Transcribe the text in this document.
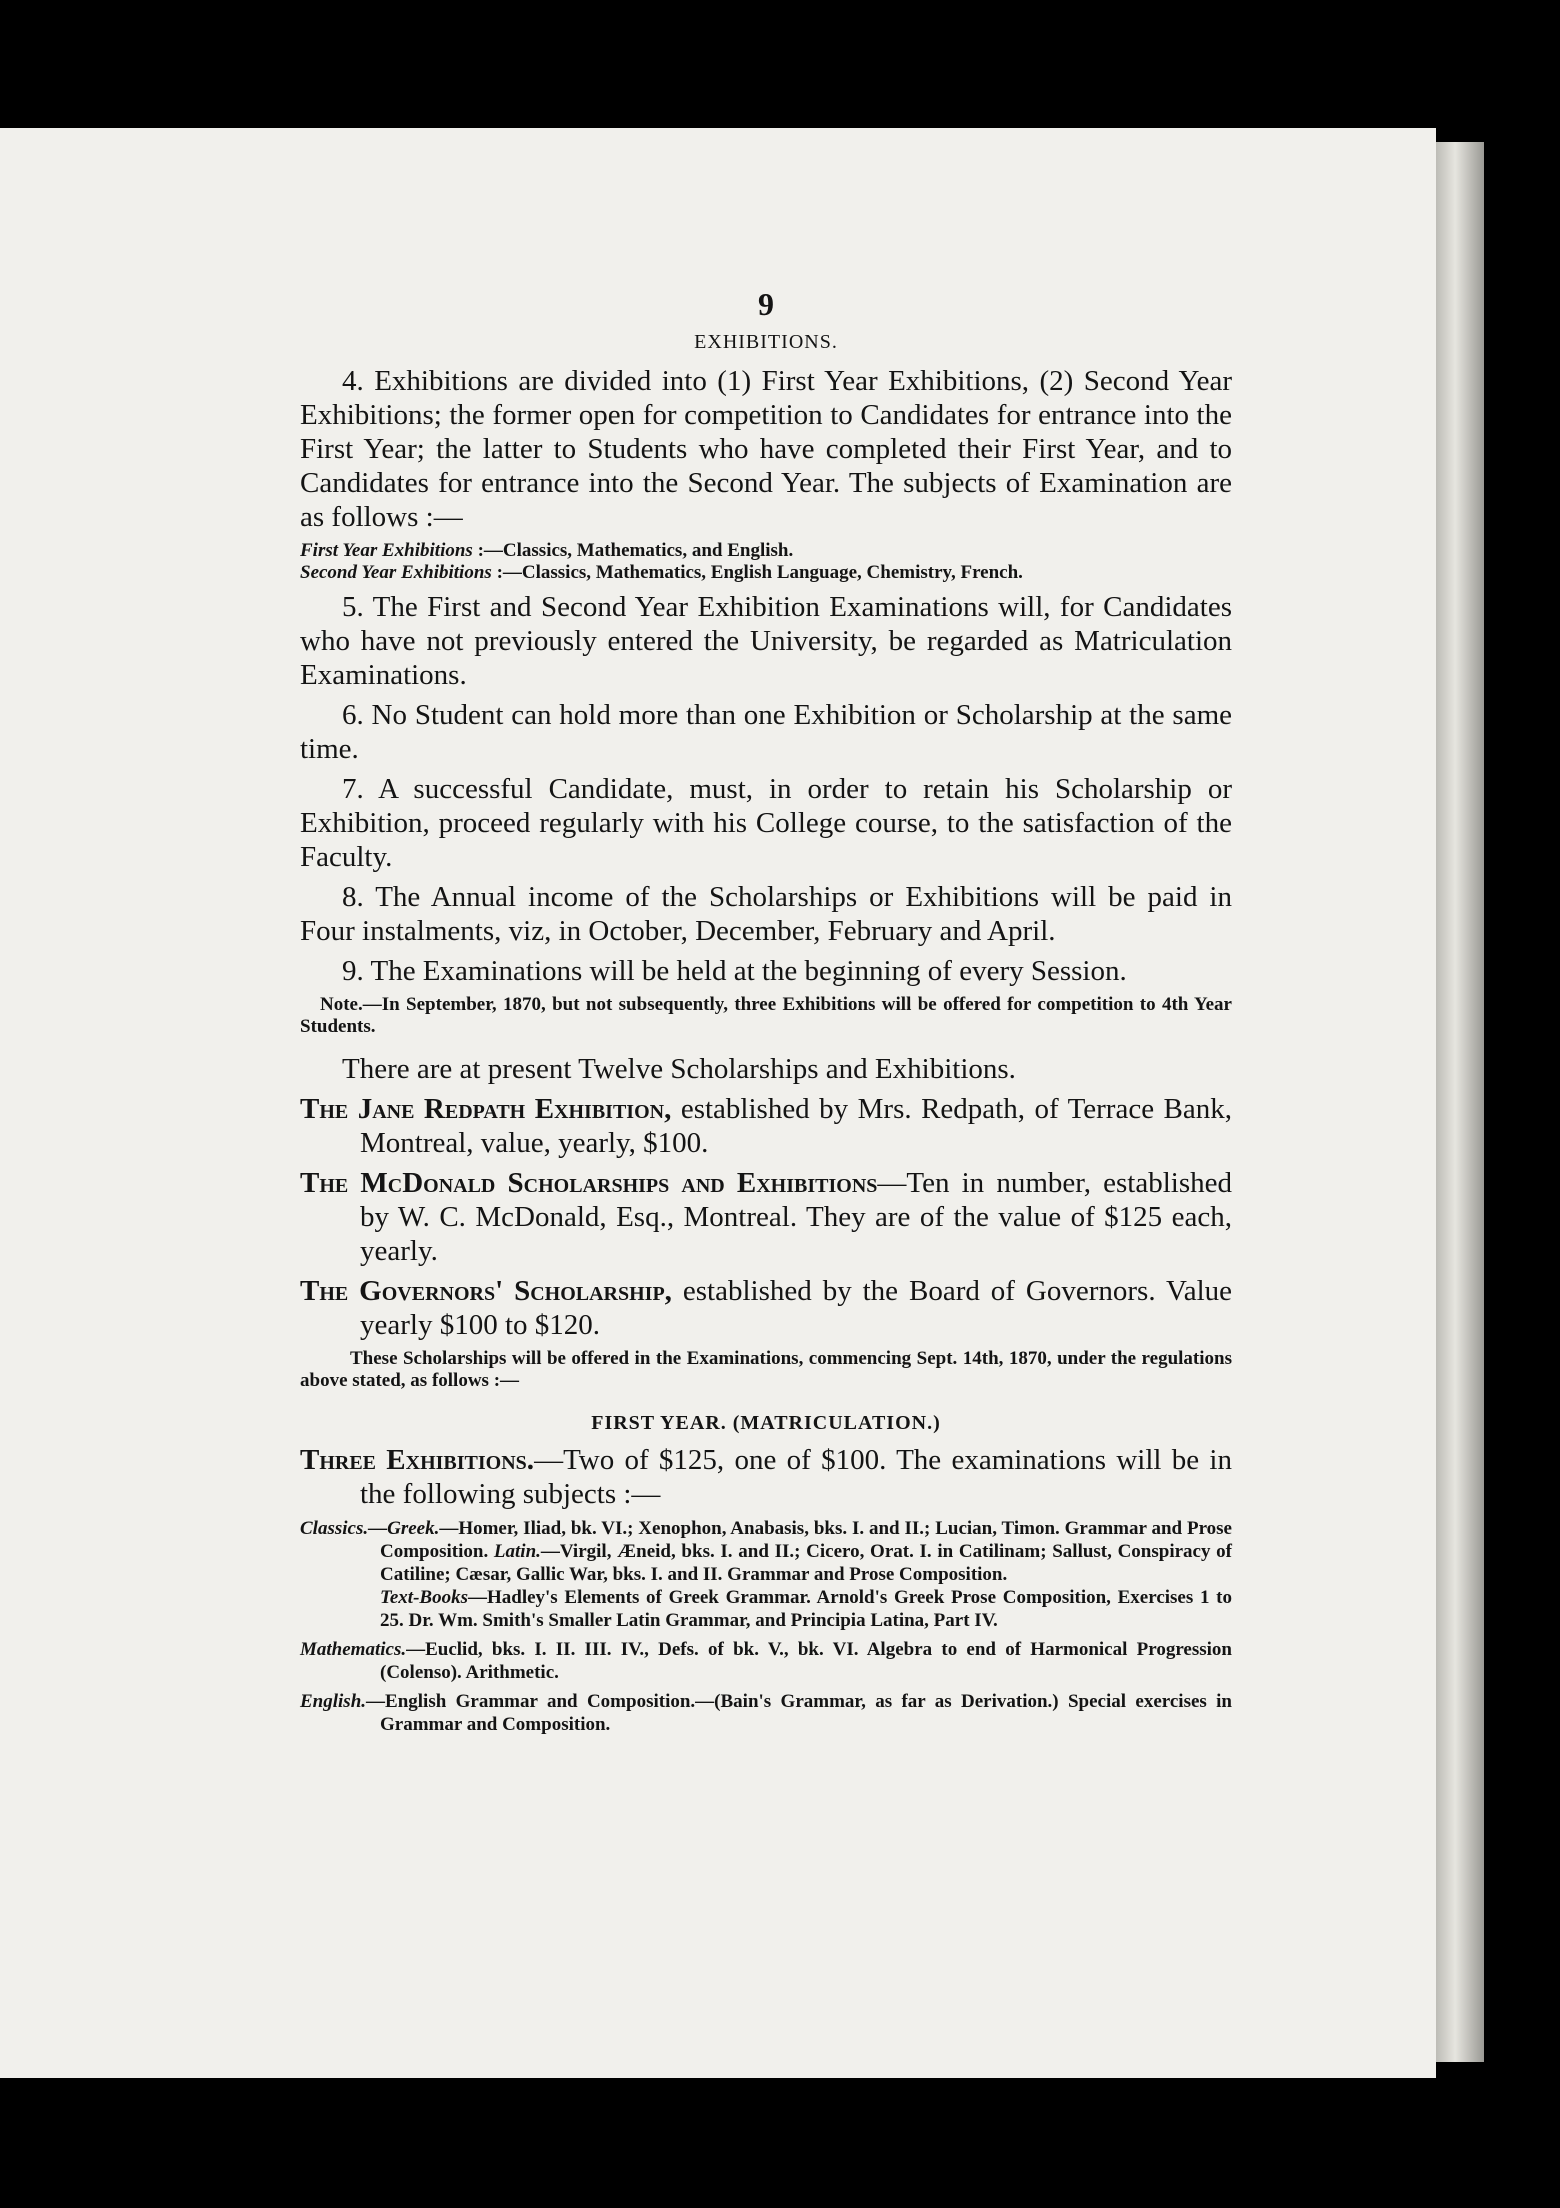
9
EXHIBITIONS.

4. Exhibitions are divided into (1) First Year Exhibitions, (2) Second Year Exhibitions; the former open for competition to Candidates for entrance into the First Year; the latter to Students who have completed their First Year, and to Candidates for entrance into the Second Year. The subjects of Examination are as follows :—

First Year Exhibitions :—Classics, Mathematics, and English.

Second Year Exhibitions :—Classics, Mathematics, English Language, Chemistry, French.

5. The First and Second Year Exhibition Examinations will, for Candidates who have not previously entered the University, be regarded as Matriculation Examinations.

6. No Student can hold more than one Exhibition or Scholarship at the same time.

7. A successful Candidate, must, in order to retain his Scholarship or Exhibition, proceed regularly with his College course, to the satisfaction of the Faculty.

8. The Annual income of the Scholarships or Exhibitions will be paid in Four instalments, viz, in October, December, February and April.

9. The Examinations will be held at the beginning of every Session.

Note.—In September, 1870, but not subsequently, three Exhibitions will be offered for competition to 4th Year Students.

There are at present Twelve Scholarships and Exhibitions.

The Jane Redpath Exhibition, established by Mrs. Redpath, of Terrace Bank, Montreal, value, yearly, $100.

The McDonald Scholarships and Exhibitions—Ten in number, established by W. C. McDonald, Esq., Montreal. They are of the value of $125 each, yearly.

The Governors' Scholarship, established by the Board of Governors. Value yearly $100 to $120.

These Scholarships will be offered in the Examinations, commencing Sept. 14th, 1870, under the regulations above stated, as follows :—

FIRST YEAR. (MATRICULATION.)

Three Exhibitions.—Two of $125, one of $100. The examinations will be in the following subjects :—

Classics.—Greek.—Homer, Iliad, bk. VI.; Xenophon, Anabasis, bks. I. and II.; Lucian, Timon. Grammar and Prose Composition. Latin.—Virgil, Æneid, bks. I. and II.; Cicero, Orat. I. in Catilinam; Sallust, Conspiracy of Catiline; Cæsar, Gallic War, bks. I. and II. Grammar and Prose Composition.

Text-Books—Hadley's Elements of Greek Grammar. Arnold's Greek Prose Composition, Exercises 1 to 25. Dr. Wm. Smith's Smaller Latin Grammar, and Principia Latina, Part IV.

Mathematics.—Euclid, bks. I. II. III. IV., Defs. of bk. V., bk. VI. Algebra to end of Harmonical Progression (Colenso). Arithmetic.

English.—English Grammar and Composition.—(Bain's Grammar, as far as Derivation.) Special exercises in Grammar and Composition.
